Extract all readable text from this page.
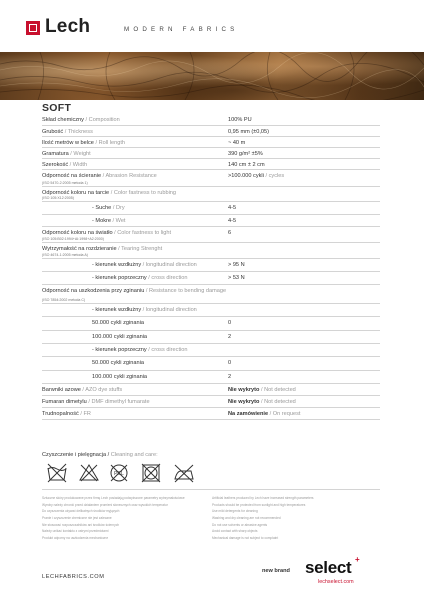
Lech	MODERN FABRICS
SOFT
Skład chemiczny / Composition	100% PU
Grubość / Thickness	0,95 mm (±0,05)
Ilość metrów w belce / Roll length	~ 40 m
Gramatura / Weight	390 g/m² ±5%
Szerokość / Width	140 cm ± 2 cm
Odporność na ścieranie / Abrasion Resistance	>100.000 cykli / cycles
(ISO 5470-2:2005 metoda 1)
Odporność koloru na tarcie / Color fastness to rubbing
(ISO 105:X12:2005)
- Suche / Dry	4-5
- Mokre / Wet	4-5
Odporność koloru na światło / Color fastness to light	6
(ISO 105:B02:1994+AI:1998+A2:2000)
Wytrzymałość na rozdzieranie / Tearing Strenght
(ISO 4674-1:2005 metoda A)
- kierunek wzdłużny / longitudinal direction	> 95 N
- kierunek poprzeczny / cross direction	> 53 N
Odporność na uszkodzenia przy zginaniu / Resistance to bending damage
(ISO 7854:2002 metoda C)
- kierunek wzdłużny / longitudinal direction
50.000 cykli zginania	0
100.000 cykli zginania	2
- kierunek poprzeczny / cross direction
50.000 cykli zginania	0
100.000 cykli zginania	2
Barwniki azowe / AZO dye stuffs	Nie wykryto / Not detected
Fumaran dimetylu / DMF dimethyl fumarate	Nie wykryto / Not detected
Trudnopalność / FR	Na zamówienie / On request
Czyszczenie i pielęgnacja / Cleaning and care:
PCL
Sztuczne skóry produkowane przez firmę Lech posiadają podwyższone parametry wytrzymałościowe
Wyroby należy chronić przed działaniem promieni słonecznych oraz wysokich temperatur
Do czyszczenia używać delikatnych środków myjących
Pranie i czyszczenie chemiczne nie jest zalecane
Nie stosować rozpuszczalników ani środków ściernych
Należy unikać kontaktu z ostrymi przedmiotami
Produkt odporny na uszkodzenia mechaniczne
Artificial leathers produced by Lech have increased strength parameters
Products should be protected from sunlight and high temperatures
Use mild detergents for cleaning
Washing and dry cleaning are not recommended
Do not use solvents or abrasive agents
Avoid contact with sharp objects
Mechanical damage is not subject to complaint
LECHFABRICS.COM
new brand select +
lechselect.com
